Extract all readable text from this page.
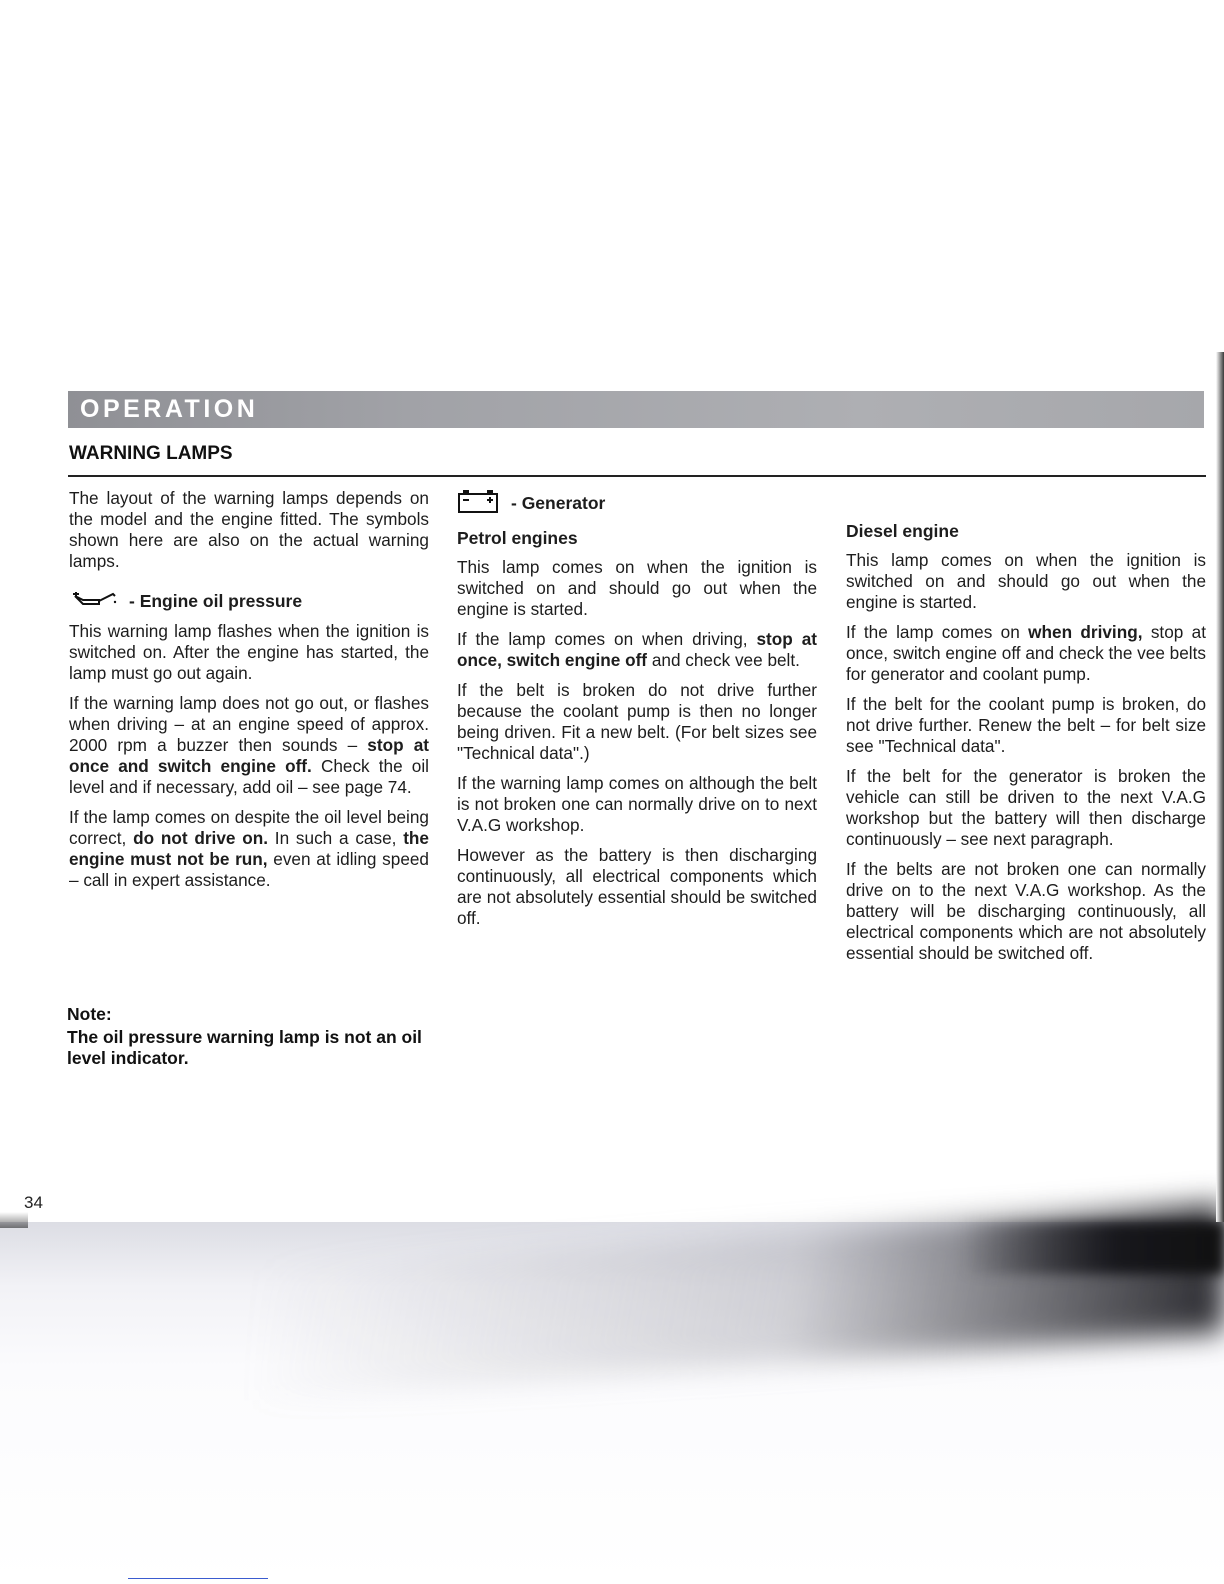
OPERATION
WARNING LAMPS

The layout of the warning lamps depends on the model and the engine fitted. The symbols shown here are also on the actual warning lamps.

- Engine oil pressure

This warning lamp flashes when the ignition is switched on. After the engine has started, the lamp must go out again.

If the warning lamp does not go out, or flashes when driving – at an engine speed of approx. 2000 rpm a buzzer then sounds – stop at once and switch engine off. Check the oil level and if necessary, add oil – see page 74.

If the lamp comes on despite the oil level being correct, do not drive on. In such a case, the engine must not be run, even at idling speed – call in expert assistance.

Note:
The oil pressure warning lamp is not an oil level indicator.
- Generator
Petrol engines

This lamp comes on when the ignition is switched on and should go out when the engine is started.

If the lamp comes on when driving, stop at once, switch engine off and check vee belt.

If the belt is broken do not drive further because the coolant pump is then no longer being driven. Fit a new belt. (For belt sizes see "Technical data".)

If the warning lamp comes on although the belt is not broken one can normally drive on to next V.A.G workshop.

However as the battery is then discharging continuously, all electrical components which are not absolutely essential should be switched off.

Diesel engine

This lamp comes on when the ignition is switched on and should go out when the engine is started.

If the lamp comes on when driving, stop at once, switch engine off and check the vee belts for generator and coolant pump.

If the belt for the coolant pump is broken, do not drive further. Renew the belt – for belt size see "Technical data".

If the belt for the generator is broken the vehicle can still be driven to the next V.A.G workshop but the battery will then discharge continuously – see next paragraph.

If the belts are not broken one can normally drive on to the next V.A.G workshop. As the battery will be discharging continuously, all electrical components which are not absolutely essential should be switched off.

34
